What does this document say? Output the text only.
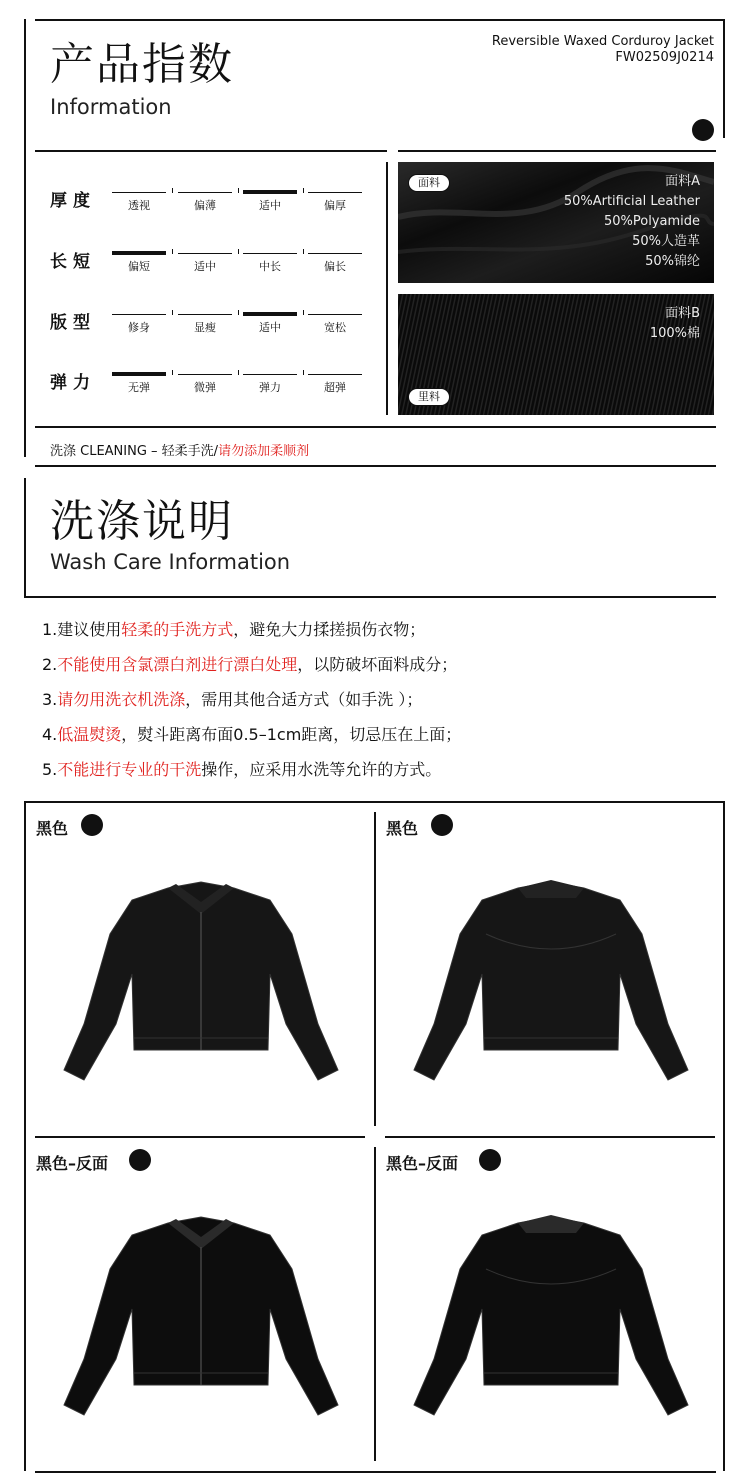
产品指数
Information
Reversible Waxed Corduroy Jacket
FW02509J0214
厚度	透视	偏薄	适中	偏厚
长短	偏短	适中	中长	偏长
版型	修身	显瘦	适中	宽松
弹力	无弹	微弹	弹力	超弹
面料	面料A
50%Artificial Leather
50%Polyamide
50%人造革
50%锦纶
面料B
100%棉
里料
洗涤 CLEANING – 轻柔手洗/请勿添加柔顺剂
洗涤说明
Wash Care Information
1.建议使用轻柔的手洗方式，避免大力揉搓损伤衣物；
2.不能使用含氯漂白剂进行漂白处理，以防破坏面料成分；
3.请勿用洗衣机洗涤，需用其他合适方式（如手洗 ）；
4.低温熨烫，熨斗距离布面0.5–1cm距离，切忌压在上面；
5.不能进行专业的干洗操作，应采用水洗等允许的方式。
黑色	黑色
黑色–反面	黑色–反面
